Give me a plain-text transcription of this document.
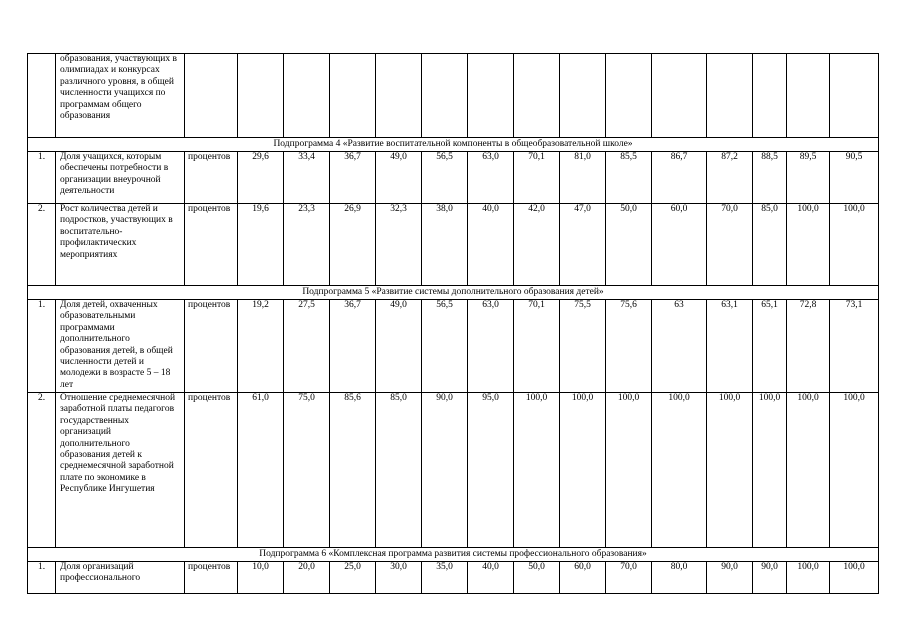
	образования, участвующих в олимпиадах и конкурсах различного уровня, в общей численности учащихся по программам общего образования															
Подпрограмма 4 «Развитие воспитательной компоненты в общеобразовательной школе»																
1.	Доля учащихся, которым обеспечены потребности в организации внеурочной деятельности	процентов	29,6	33,4	36,7	49,0	56,5	63,0	70,1	81,0	85,5	86,7	87,2	88,5	89,5	90,5
2.	Рост количества детей и подростков, участвующих в воспитательно-профилактических мероприятиях	процентов	19,6	23,3	26,9	32,3	38,0	40,0	42,0	47,0	50,0	60,0	70,0	85,0	100,0	100,0
Подпрограмма 5 «Развитие системы дополнительного образования детей»																
1.	Доля детей, охваченных образовательными программами дополнительного образования детей, в общей численности детей и молодежи в возрасте 5 – 18 лет	процентов	19,2	27,5	36,7	49,0	56,5	63,0	70,1	75,5	75,6	63	63,1	65,1	72,8	73,1
2.	Отношение среднемесячной заработной платы педагогов государственных организаций дополнительного образования детей к среднемесячной заработной плате по экономике в Республике Ингушетия	процентов	61,0	75,0	85,6	85,0	90,0	95,0	100,0	100,0	100,0	100,0	100,0	100,0	100,0	100,0
Подпрограмма 6 «Комплексная программа развития системы профессионального образования»																
1.	Доля организаций профессионального	процентов	10,0	20,0	25,0	30,0	35,0	40,0	50,0	60,0	70,0	80,0	90,0	90,0	100,0	100,0
